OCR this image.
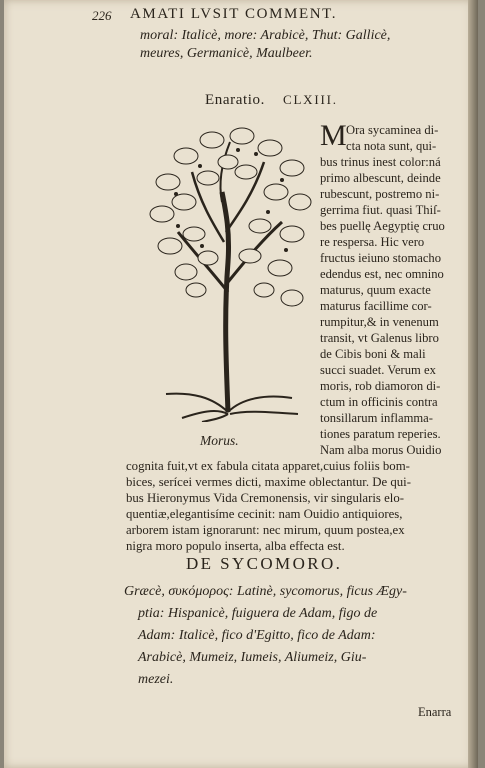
226 AMATI LVSIT COMMENT.
moral: Italicè, more: Arabicè, Thut: Gallicè,
meures, Germanicè, Maulbeer.
Enaratio. CLXIII.
Morus.
M Ora sycaminea di-
cta nota sunt, qui-
bus trinus inest color:ná
primo albescunt, deinde
rubescunt, postremo ni-
gerrima fiut. quasi Thiſ-
bes puellę Aegyptię cruo
re respersa. Hic vero
fructus ieiuno stomacho
edendus est, nec omnino
maturus, quum exacte
maturus facillime cor-
rumpitur,& in venenum
transit, vt Galenus libro
de Cibis boni & mali
succi suadet. Verum ex
moris, rob diamoron di-
ctum in officinis contra
tonsillarum inflamma-
tiones paratum reperies.
Nam alba morus Ouidio
cognita fuit,vt ex fabula citata apparet,cuius foliis bom-
bices, serícei vermes dicti, maxime oblectantur. De qui-
bus Hieronymus Vida Cremonensis, vir singularis elo-
quentiæ,elegantisíme cecinit: nam Ouidio antiquiores,
arborem istam ignorarunt: nec mirum, quum postea,ex
nigra moro populo inserta, alba effecta est.
DE SYCOMORO.
Græcè, συκόμορος: Latinè, sycomorus, ficus Ægy-
ptia: Hispanicè, fuiguera de Adam, figo de
Adam: Italicè, fico d'Egitto, fico de Adam:
Arabicè, Mumeiz, Iumeis, Aliumeiz, Giu-
mezei.
Enarra
